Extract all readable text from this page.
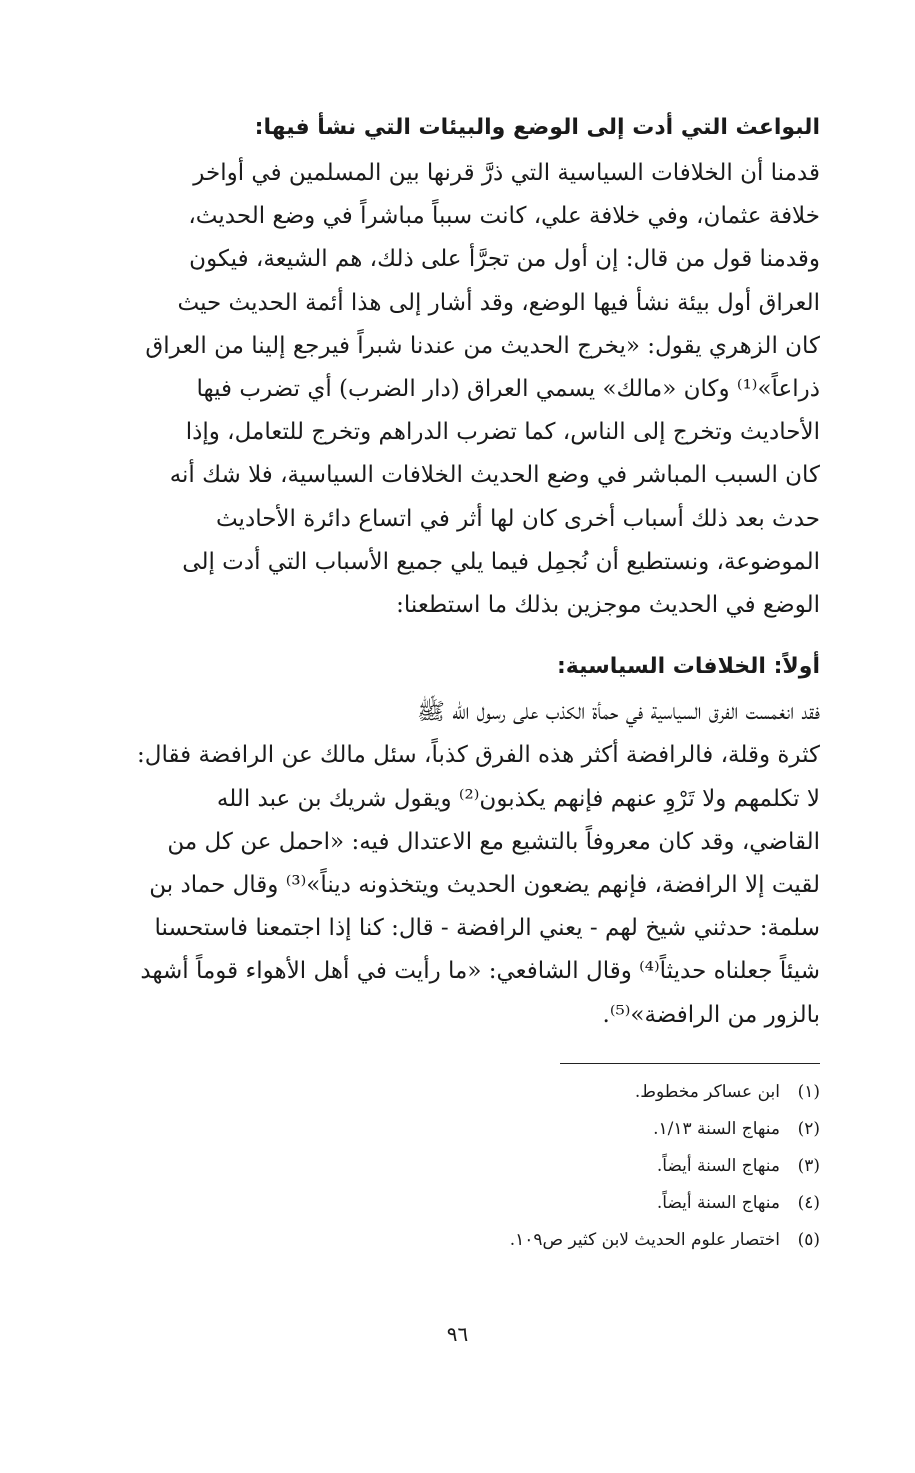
البواعث التي أدت إلى الوضع والبيئات التي نشأ فيها:

قدمنا أن الخلافات السياسية التي ذرَّ قرنها بين المسلمين في أواخر
خلافة عثمان، وفي خلافة علي، كانت سبباً مباشراً في وضع الحديث،
وقدمنا قول من قال: إن أول من تجرَّأ على ذلك، هم الشيعة، فيكون
العراق أول بيئة نشأ فيها الوضع، وقد أشار إلى هذا أئمة الحديث حيث
كان الزهري يقول: «يخرج الحديث من عندنا شبراً فيرجع إلينا من العراق
ذراعاً»⁽¹⁾ وكان «مالك» يسمي العراق (دار الضرب) أي تضرب فيها
الأحاديث وتخرج إلى الناس، كما تضرب الدراهم وتخرج للتعامل، وإذا
كان السبب المباشر في وضع الحديث الخلافات السياسية، فلا شك أنه
حدث بعد ذلك أسباب أخرى كان لها أثر في اتساع دائرة الأحاديث
الموضوعة، ونستطيع أن نُجمِل فيما يلي جميع الأسباب التي أدت إلى
الوضع في الحديث موجزين بذلك ما استطعنا:

أولاً: الخلافات السياسية:

فقد انغمست الفرق السياسية في حمأة الكذب على رسول الله ﷺ
كثرة وقلة، فالرافضة أكثر هذه الفرق كذباً، سئل مالك عن الرافضة فقال:
لا تكلمهم ولا تَرْوِ عنهم فإنهم يكذبون⁽²⁾ ويقول شريك بن عبد الله
القاضي، وقد كان معروفاً بالتشيع مع الاعتدال فيه: «احمل عن كل من
لقيت إلا الرافضة، فإنهم يضعون الحديث ويتخذونه ديناً»⁽³⁾ وقال حماد بن
سلمة: حدثني شيخ لهم - يعني الرافضة - قال: كنا إذا اجتمعنا فاستحسنا
شيئاً جعلناه حديثاً⁽⁴⁾ وقال الشافعي: «ما رأيت في أهل الأهواء قوماً أشهد
بالزور من الرافضة»⁽⁵⁾.

(١)
ابن عساكر مخطوط.
(٢)
منهاج السنة ١/١٣.
(٣)
منهاج السنة أيضاً.
(٤)
منهاج السنة أيضاً.
(٥)
اختصار علوم الحديث لابن كثير ص١٠٩.
٩٦
